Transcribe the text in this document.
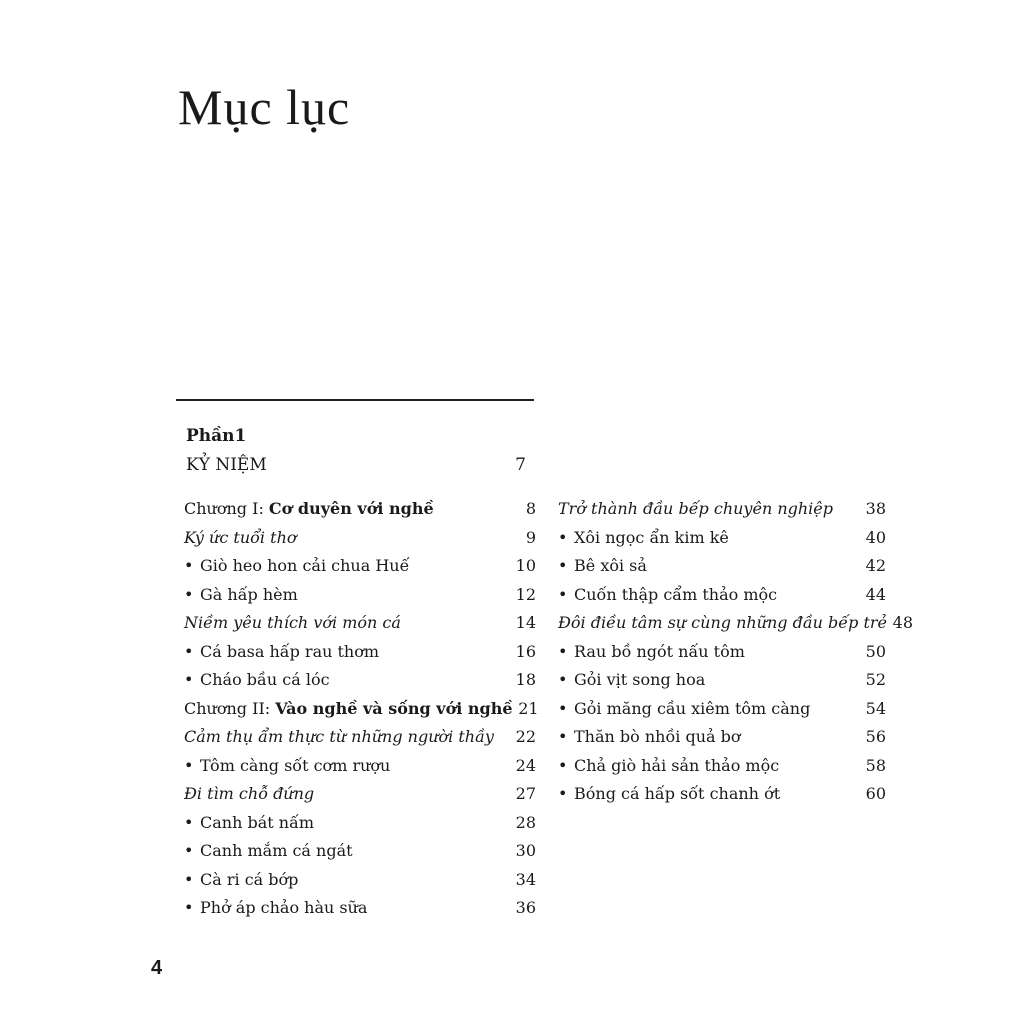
Mục lục
Phần1
KỶ NIỆM	7
Chương I: Cơ duyên với nghề	8
Ký ức tuổi thơ	9
•
Giò heo hon cải chua Huế	10
•
Gà hấp hèm	12
Niềm yêu thích với món cá	14
•
Cá basa hấp rau thơm	16
•
Cháo bầu cá lóc	18
Chương II: Vào nghề và sống với nghề 21
Cảm thụ ẩm thực từ những người thầy	22
•
Tôm càng sốt cơm rượu	24
Đi tìm chỗ đứng	27
•
Canh bát nấm	28
•
Canh mắm cá ngát	30
•
Cà ri cá bớp	34
•
Phở áp chảo hàu sữa	36
Trở thành đầu bếp chuyên nghiệp	38
•
Xôi ngọc ẩn kim kê	40
•
Bê xôi sả	42
•
Cuốn thập cẩm thảo mộc	44
Đôi điều tâm sự cùng những đầu bếp trẻ 48
•
Rau bồ ngót nấu tôm	50
•
Gỏi vịt song hoa	52
•
Gỏi măng cầu xiêm tôm càng	54
•
Thăn bò nhồi quả bơ	56
•
Chả giò hải sản thảo mộc	58
•
Bóng cá hấp sốt chanh ớt	60
4
